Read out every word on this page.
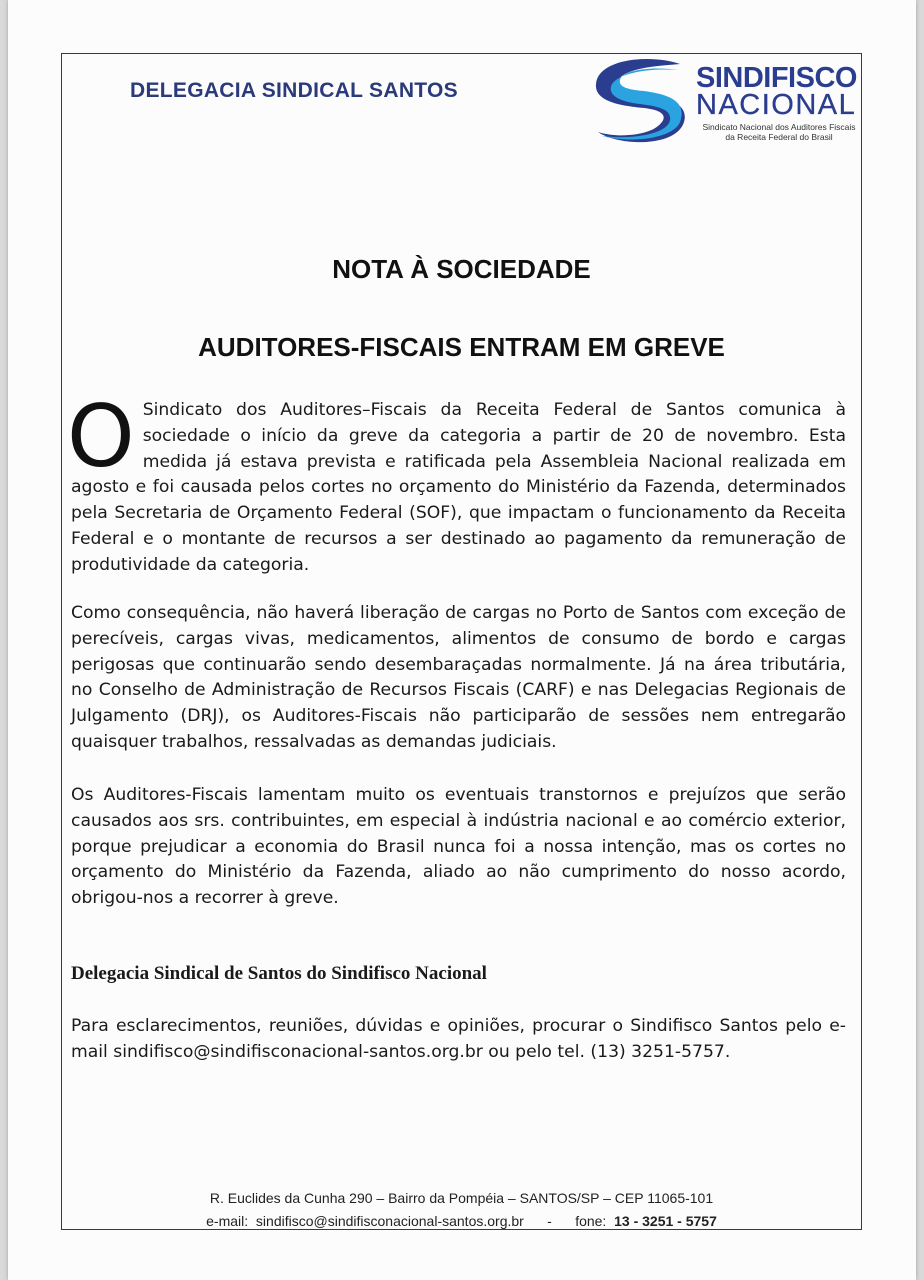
DELEGACIA SINDICAL SANTOS	SINDIFISCO
NACIONAL
Sindicato Nacional dos Auditores Fiscais
da Receita Federal do Brasil
NOTA À SOCIEDADE
AUDITORES-FISCAIS ENTRAM EM GREVE
O Sindicato dos Auditores–Fiscais da Receita Federal de Santos comunica à sociedade o início da greve da categoria a partir de 20 de novembro. Esta medida já estava prevista e ratificada pela Assembleia Nacional realizada em agosto e foi causada pelos cortes no orçamento do Ministério da Fazenda, determinados pela Secretaria de Orçamento Federal (SOF), que impactam o funcionamento da Receita Federal e o montante de recursos a ser destinado ao pagamento da remuneração de produtividade da categoria.
Como consequência, não haverá liberação de cargas no Porto de Santos com exceção de perecíveis, cargas vivas, medicamentos, alimentos de consumo de bordo e cargas perigosas que continuarão sendo desembaraçadas normalmente. Já na área tributária, no Conselho de Administração de Recursos Fiscais (CARF) e nas Delegacias Regionais de Julgamento (DRJ), os Auditores-Fiscais não participarão de sessões nem entregarão quaisquer trabalhos, ressalvadas as demandas judiciais.
Os Auditores-Fiscais lamentam muito os eventuais transtornos e prejuízos que serão causados aos srs. contribuintes, em especial à indústria nacional e ao comércio exterior, porque prejudicar a economia do Brasil nunca foi a nossa intenção, mas os cortes no orçamento do Ministério da Fazenda, aliado ao não cumprimento do nosso acordo, obrigou-nos a recorrer à greve.
Delegacia Sindical de Santos do Sindifisco Nacional
Para esclarecimentos, reuniões, dúvidas e opiniões, procurar o Sindifisco Santos pelo e-mail sindifisco@sindifisconacional-santos.org.br ou pelo tel. (13) 3251-5757.
R. Euclides da Cunha 290 – Bairro da Pompéia – SANTOS/SP – CEP 11065-101
e-mail: sindifisco@sindifisconacional-santos.org.br - fone: 13 - 3251 - 5757
